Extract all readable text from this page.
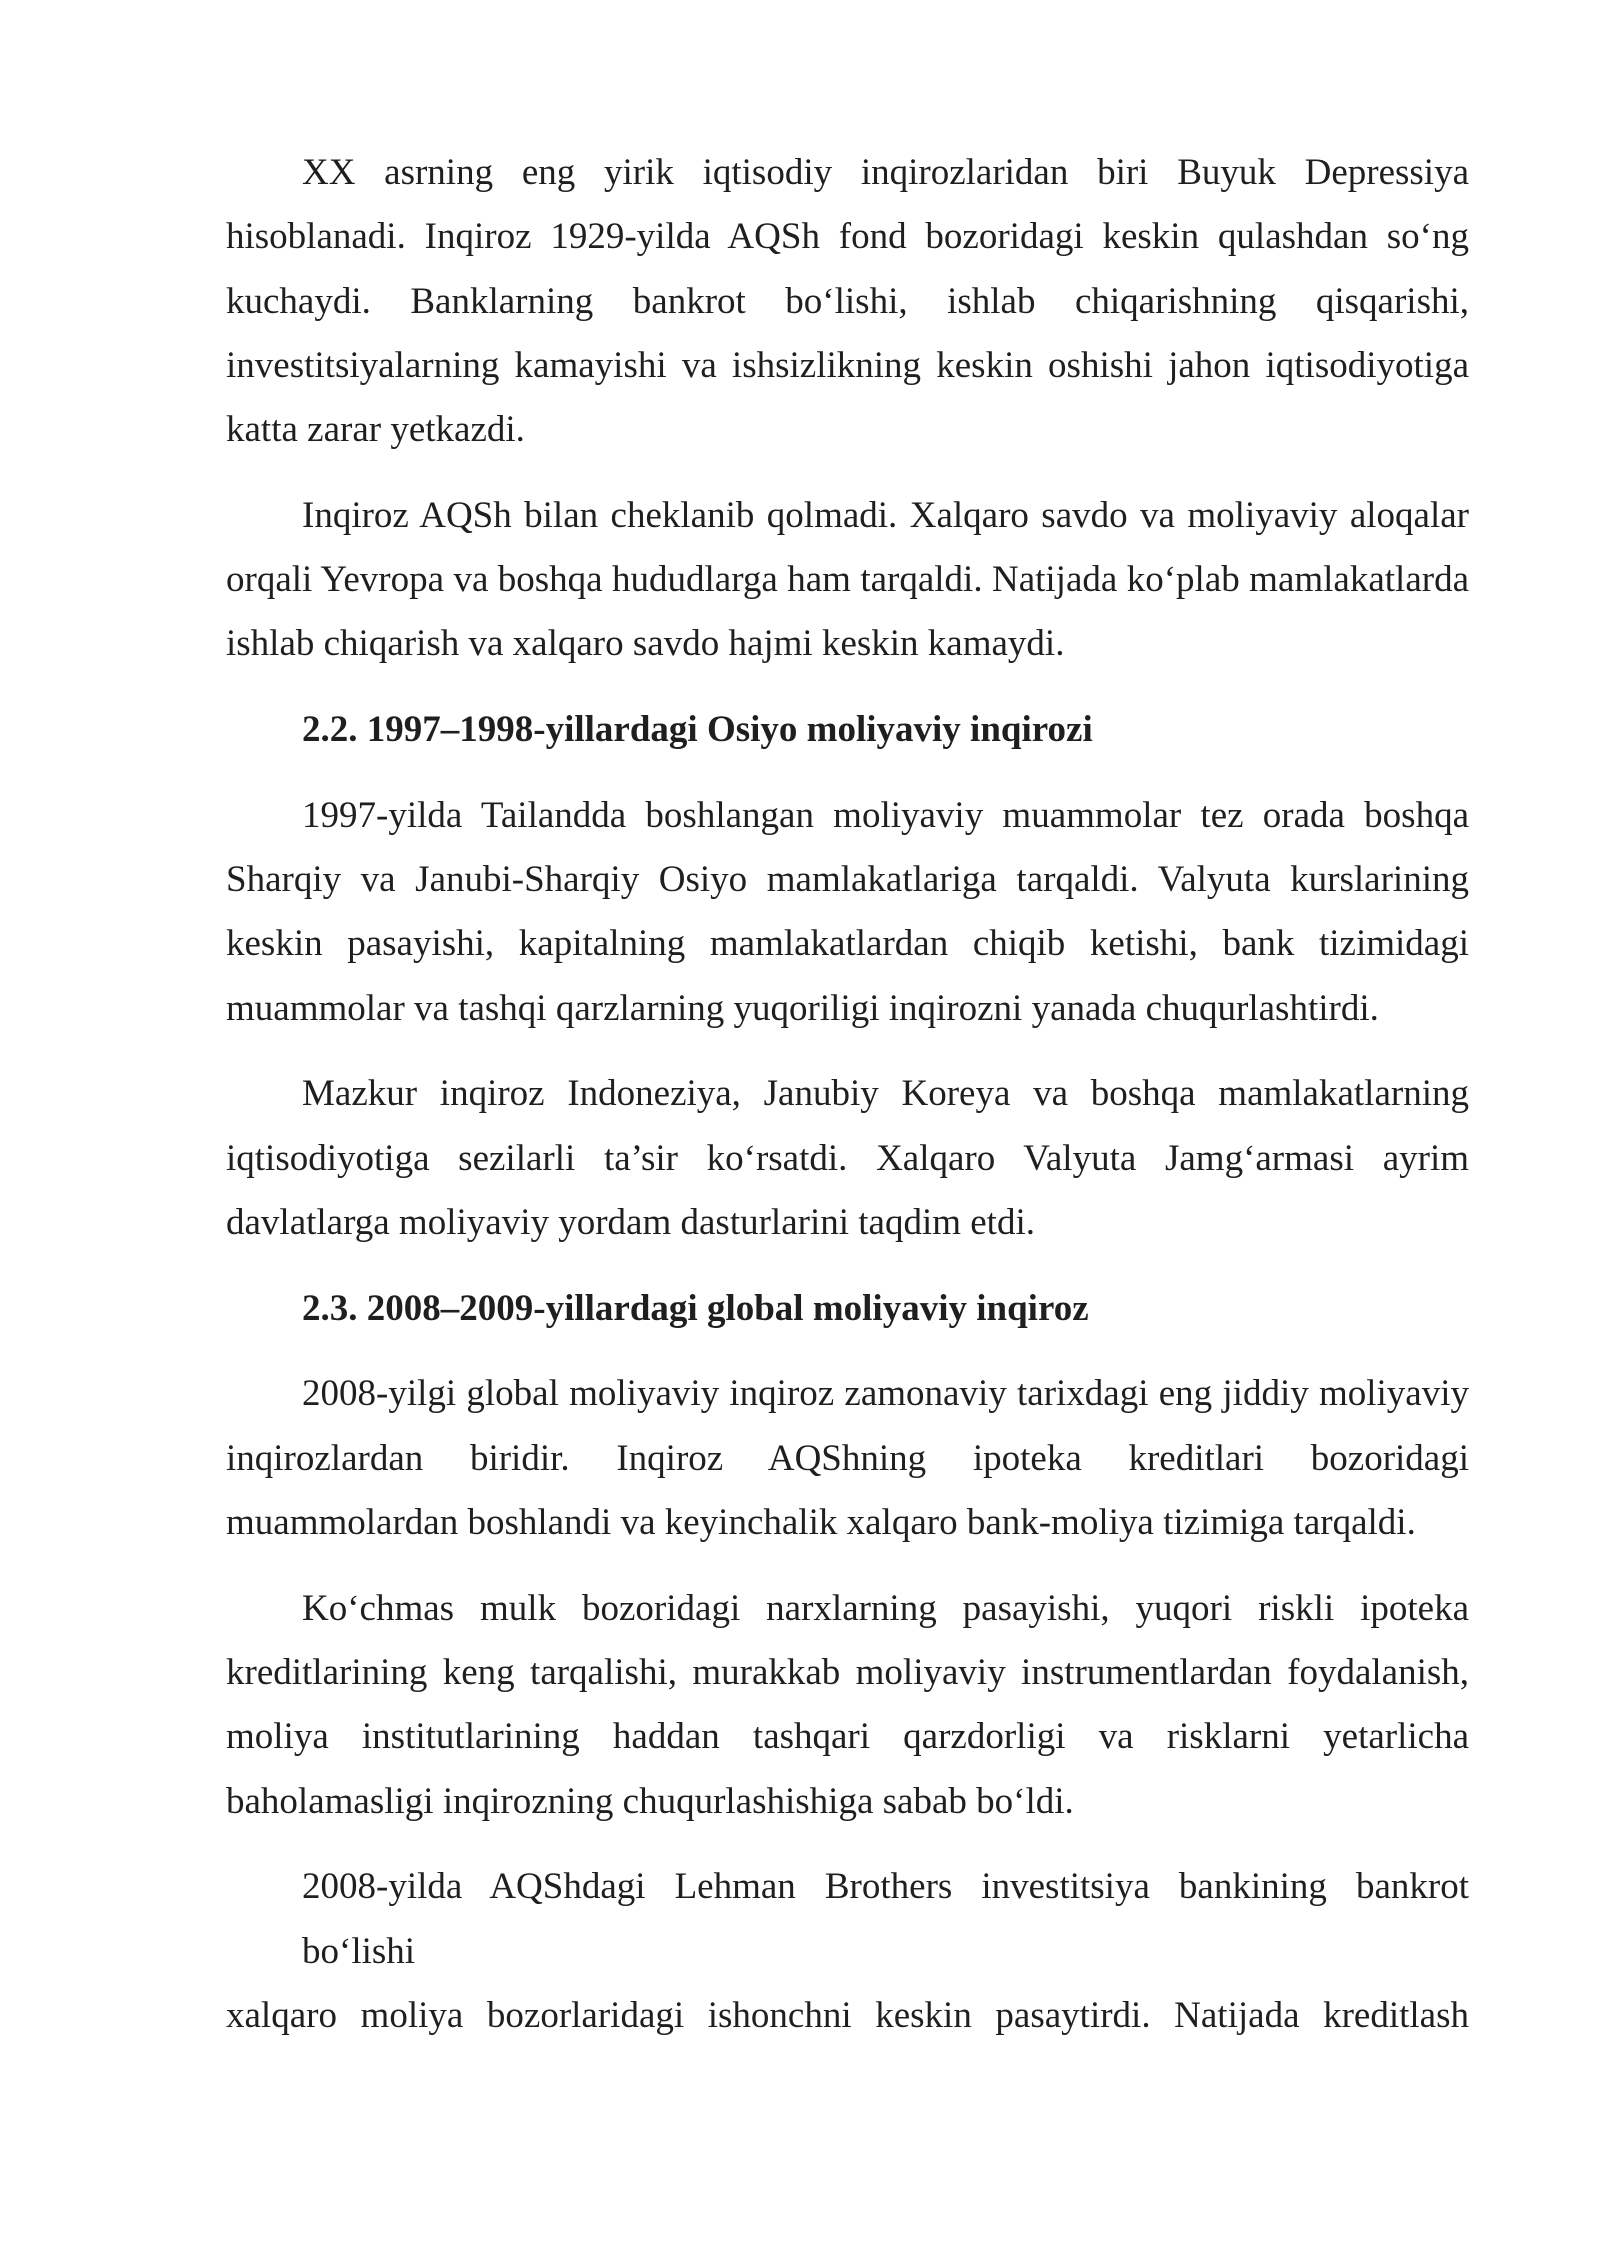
XX asrning eng yirik iqtisodiy inqirozlaridan biri Buyuk Depressiya
hisoblanadi. Inqiroz 1929-yilda AQSh fond bozoridagi keskin qulashdan so‘ng
kuchaydi. Banklarning bankrot bo‘lishi, ishlab chiqarishning qisqarishi,
investitsiyalarning kamayishi va ishsizlikning keskin oshishi jahon iqtisodiyotiga
katta zarar yetkazdi.
Inqiroz AQSh bilan cheklanib qolmadi. Xalqaro savdo va moliyaviy aloqalar
orqali Yevropa va boshqa hududlarga ham tarqaldi. Natijada ko‘plab mamlakatlarda
ishlab chiqarish va xalqaro savdo hajmi keskin kamaydi.
2.2. 1997–1998-yillardagi Osiyo moliyaviy inqirozi
1997-yilda Tailandda boshlangan moliyaviy muammolar tez orada boshqa
Sharqiy va Janubi-Sharqiy Osiyo mamlakatlariga tarqaldi. Valyuta kurslarining
keskin pasayishi, kapitalning mamlakatlardan chiqib ketishi, bank tizimidagi
muammolar va tashqi qarzlarning yuqoriligi inqirozni yanada chuqurlashtirdi.
Mazkur inqiroz Indoneziya, Janubiy Koreya va boshqa mamlakatlarning
iqtisodiyotiga sezilarli ta’sir ko‘rsatdi. Xalqaro Valyuta Jamg‘armasi ayrim
davlatlarga moliyaviy yordam dasturlarini taqdim etdi.
2.3. 2008–2009-yillardagi global moliyaviy inqiroz
2008-yilgi global moliyaviy inqiroz zamonaviy tarixdagi eng jiddiy moliyaviy
inqirozlardan biridir. Inqiroz AQShning ipoteka kreditlari bozoridagi
muammolardan boshlandi va keyinchalik xalqaro bank-moliya tizimiga tarqaldi.
Ko‘chmas mulk bozoridagi narxlarning pasayishi, yuqori riskli ipoteka
kreditlarining keng tarqalishi, murakkab moliyaviy instrumentlardan foydalanish,
moliya institutlarining haddan tashqari qarzdorligi va risklarni yetarlicha
baholamasligi inqirozning chuqurlashishiga sabab bo‘ldi.
2008-yilda AQShdagi Lehman Brothers investitsiya bankining bankrot bo‘lishi
xalqaro moliya bozorlaridagi ishonchni keskin pasaytirdi. Natijada kreditlash
